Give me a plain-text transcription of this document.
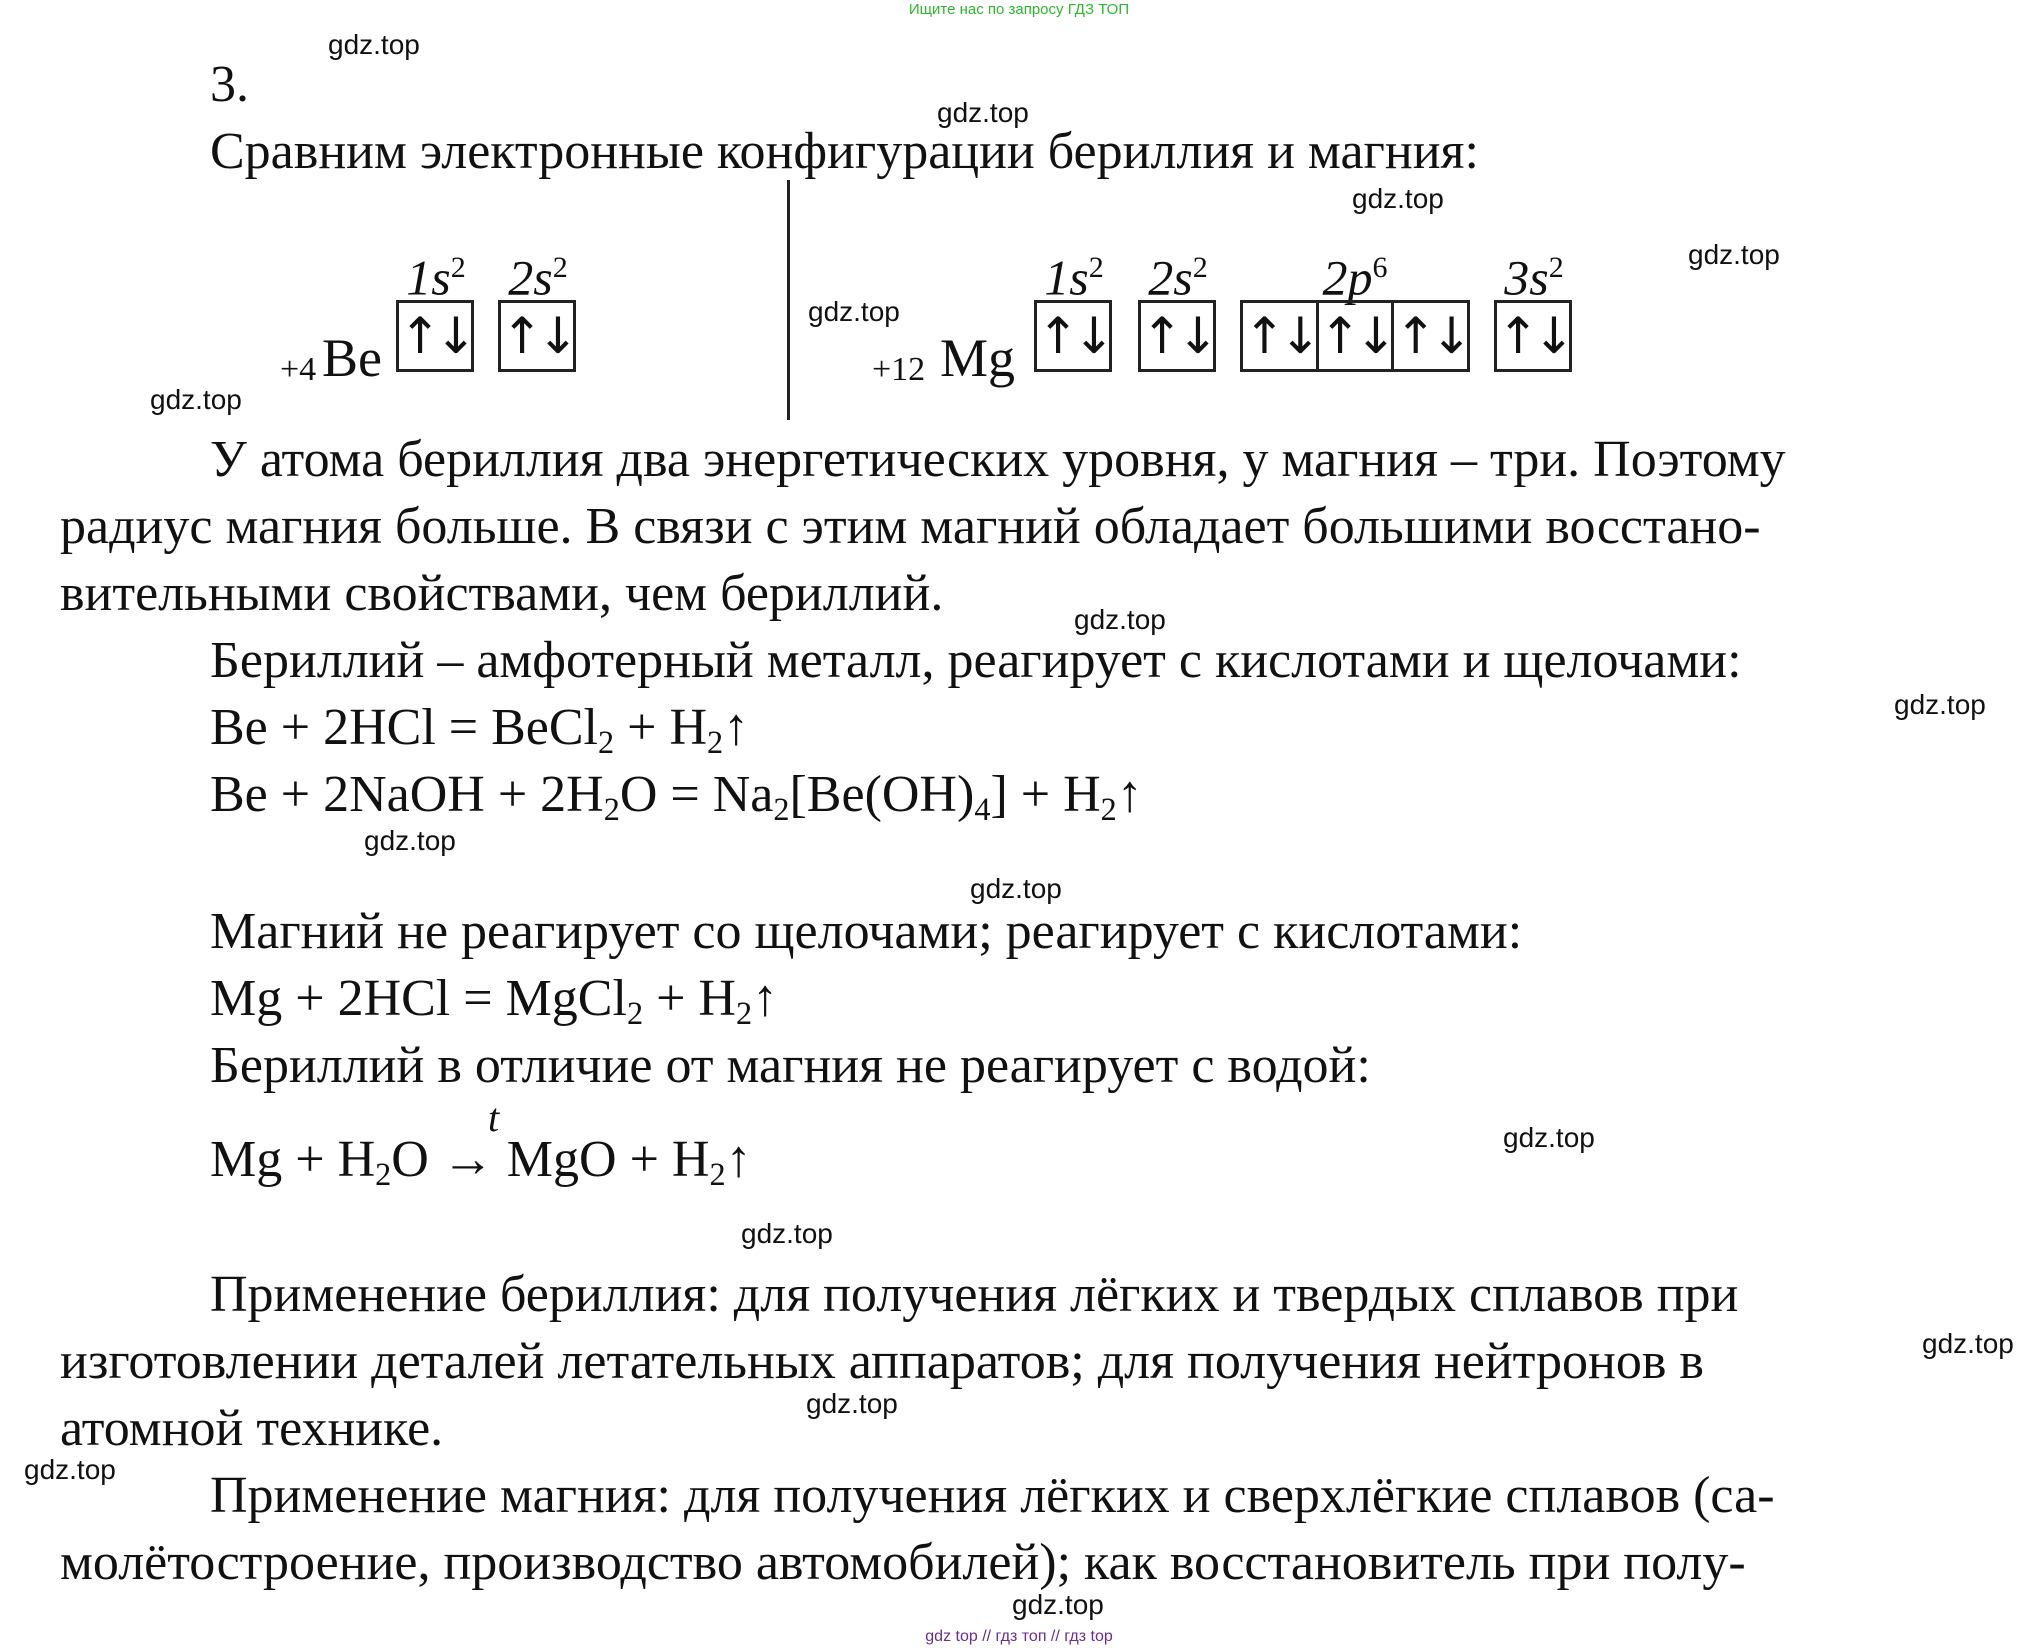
Ищите нас по запросу ГДЗ ТОП
3.
Сравним электронные конфигурации бериллия и магния:
+4 Be
$1s^2$
↑↓
$2s^2$
↑↓
+12 Mg
$1s^2$
↑↓
$2s^2$
↑↓
$2p^6$
↑↓ ↑↓ ↑↓
$3s^2$
↑↓
У атома бериллия два энергетических уровня, у магния – три. Поэтому
радиус магния больше. В связи с этим магний обладает большими восстано-
вительными свойствами, чем бериллий.
Бериллий – амфотерный металл, реагирует с кислотами и щелочами:
Be + 2HCl = BeCl$_2$ + $H_2↑$
Be + 2NaOH + $2H_2O = Na_2[Be(OH)_4]$ + $H_2↑$
Магний не реагирует со щелочами; реагирует с кислотами:
Mg + 2HCl = MgCl$_2$ + $H_2↑$
Бериллий в отличие от магния не реагирует с водой:
t
$Mg + H_2O$ → MgO + $H_2↑$
Применение бериллия: для получения лёгких и твердых сплавов при
изготовлении деталей летательных аппаратов; для получения нейтронов в
атомной технике.
Применение магния: для получения лёгких и сверхлёгкие сплавов (са-
молётостроение, производство автомобилей); как восстановитель при полу-
gdz.top
gdz.top
gdz.top
gdz.top
gdz.top
gdz.top
gdz.top
gdz.top
gdz.top
gdz.top
gdz.top
gdz.top
gdz.top
gdz.top
gdz.top
gdz.top
gdz top // гдз топ // гдз top
